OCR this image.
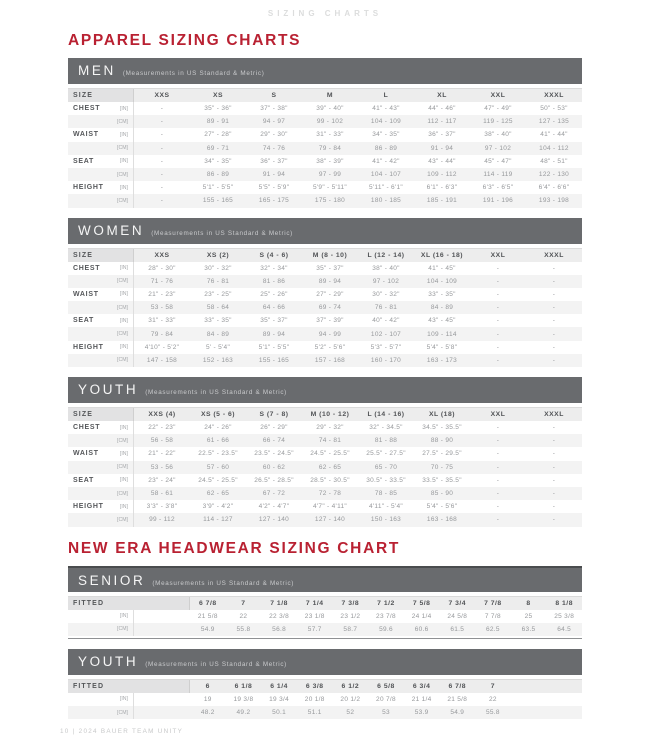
SIZING CHARTS
APPAREL SIZING CHARTS
MEN (Measurements in US Standard & Metric)
SIZE	XXS	XS	S	M	L	XL	XXL	XXXL
CHEST	[IN]	-	35" - 36"	37" - 38"	39" - 40"	41" - 43"	44" - 46"	47" - 49"	50" - 53"
[CM]	-	89 - 91	94 - 97	99 - 102	104 - 109	112 - 117	119 - 125	127 - 135
WAIST	[IN]	-	27" - 28"	29" - 30"	31" - 33"	34" - 35"	36" - 37"	38" - 40"	41" - 44"
[CM]	-	69 - 71	74 - 76	79 - 84	86 - 89	91 - 94	97 - 102	104 - 112
SEAT	[IN]	-	34" - 35"	36" - 37"	38" - 39"	41" - 42"	43" - 44"	45" - 47"	48" - 51"
[CM]	-	86 - 89	91 - 94	97 - 99	104 - 107	109 - 112	114 - 119	122 - 130
HEIGHT	[IN]	-	5'1" - 5'5"	5'5" - 5'9"	5'9" - 5'11"	5'11" - 6'1"	6'1" - 6'3"	6'3" - 6'5"	6'4" - 6'6"
[CM]	-	155 - 165	165 - 175	175 - 180	180 - 185	185 - 191	191 - 196	193 - 198
WOMEN (Measurements in US Standard & Metric)
SIZE	XXS	XS (2)	S (4 - 6)	M (8 - 10)	L (12 - 14)	XL (16 - 18)	XXL	XXXL
CHEST	[IN]	28" - 30"	30" - 32"	32" - 34"	35" - 37"	38" - 40"	41" - 45"	-	-
[CM]	71 - 76	76 - 81	81 - 86	89 - 94	97 - 102	104 - 109	-	-
WAIST	[IN]	21" - 23"	23" - 25"	25" - 26"	27" - 29"	30" - 32"	33" - 35"	-	-
[CM]	53 - 58	58 - 64	64 - 66	69 - 74	76 - 81	84 - 89	-	-
SEAT	[IN]	31" - 33"	33" - 35"	35" - 37"	37" - 39"	40" - 42"	43" - 45"	-	-
[CM]	79 - 84	84 - 89	89 - 94	94 - 99	102 - 107	109 - 114	-	-
HEIGHT	[IN]	4'10" - 5'2"	5' - 5'4"	5'1" - 5'5"	5'2" - 5'6"	5'3" - 5'7"	5'4" - 5'8"	-	-
[CM]	147 - 158	152 - 163	155 - 165	157 - 168	160 - 170	163 - 173	-	-
YOUTH (Measurements in US Standard & Metric)
SIZE	XXS (4)	XS (5 - 6)	S (7 - 8)	M (10 - 12)	L (14 - 16)	XL (18)	XXL	XXXL
CHEST	[IN]	22" - 23"	24" - 26"	26" - 29"	29" - 32"	32" - 34.5"	34.5" - 35.5"	-	-
[CM]	56 - 58	61 - 66	66 - 74	74 - 81	81 - 88	88 - 90	-	-
WAIST	[IN]	21" - 22"	22.5" - 23.5"	23.5" - 24.5"	24.5" - 25.5"	25.5" - 27.5"	27.5" - 29.5"	-	-
[CM]	53 - 56	57 - 60	60 - 62	62 - 65	65 - 70	70 - 75	-	-
SEAT	[IN]	23" - 24"	24.5" - 25.5"	26.5" - 28.5"	28.5" - 30.5"	30.5" - 33.5"	33.5" - 35.5"	-	-
[CM]	58 - 61	62 - 65	67 - 72	72 - 78	78 - 85	85 - 90	-	-
HEIGHT	[IN]	3'3" - 3'8"	3'9" - 4'2"	4'2" - 4'7"	4'7" - 4'11"	4'11" - 5'4"	5'4" - 5'6"	-	-
[CM]	99 - 112	114 - 127	127 - 140	127 - 140	150 - 163	163 - 168	-	-
NEW ERA HEADWEAR SIZING CHART
SENIOR (Measurements in US Standard & Metric)
FITTED	6 7/8	7	7 1/8	7 1/4	7 3/8	7 1/2	7 5/8	7 3/4	7 7/8	8	8 1/8
[IN]	21 5/8	22	22 3/8	23 1/8	23 1/2	23 7/8	24 1/4	24 5/8	7 7/8	25	25 3/8
[CM]	54.9	55.8	56.8	57.7	58.7	59.6	60.6	61.5	62.5	63.5	64.5
YOUTH (Measurements in US Standard & Metric)
FITTED	6	6 1/8	6 1/4	6 3/8	6 1/2	6 5/8	6 3/4	6 7/8	7
[IN]	19	19 3/8	19 3/4	20 1/8	20 1/2	20 7/8	21 1/4	21 5/8	22
[CM]	48.2	49.2	50.1	51.1	52	53	53.9	54.9	55.8
10 | 2024 BAUER TEAM UNITY
